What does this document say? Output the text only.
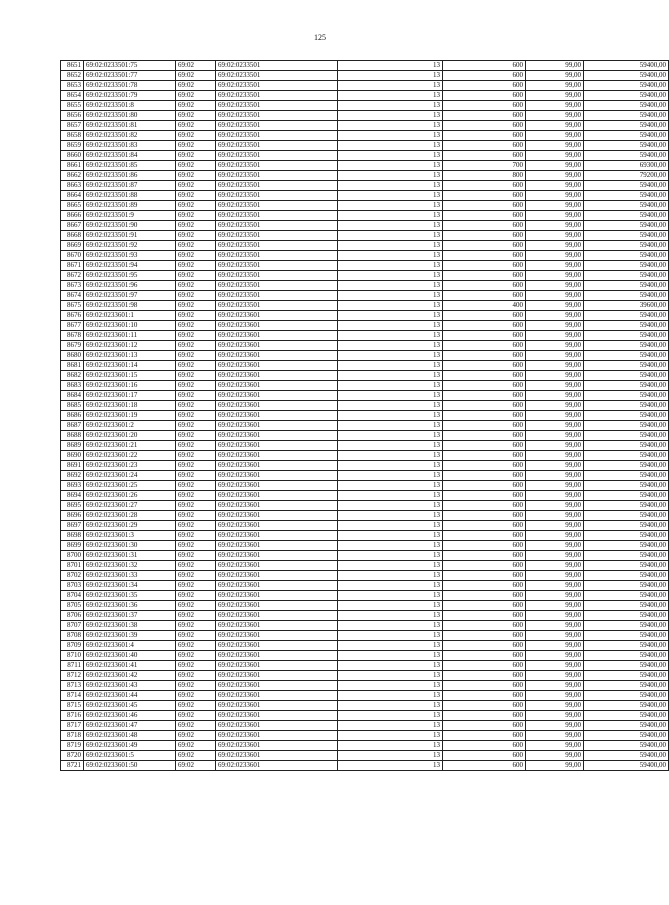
125
8651	69:02:0233501:75	69:02	69:02:0233501	13	600	99,00	59400,00
8652	69:02:0233501:77	69:02	69:02:0233501	13	600	99,00	59400,00
8653	69:02:0233501:78	69:02	69:02:0233501	13	600	99,00	59400,00
8654	69:02:0233501:79	69:02	69:02:0233501	13	600	99,00	59400,00
8655	69:02:0233501:8	69:02	69:02:0233501	13	600	99,00	59400,00
8656	69:02:0233501:80	69:02	69:02:0233501	13	600	99,00	59400,00
8657	69:02:0233501:81	69:02	69:02:0233501	13	600	99,00	59400,00
8658	69:02:0233501:82	69:02	69:02:0233501	13	600	99,00	59400,00
8659	69:02:0233501:83	69:02	69:02:0233501	13	600	99,00	59400,00
8660	69:02:0233501:84	69:02	69:02:0233501	13	600	99,00	59400,00
8661	69:02:0233501:85	69:02	69:02:0233501	13	700	99,00	69300,00
8662	69:02:0233501:86	69:02	69:02:0233501	13	800	99,00	79200,00
8663	69:02:0233501:87	69:02	69:02:0233501	13	600	99,00	59400,00
8664	69:02:0233501:88	69:02	69:02:0233501	13	600	99,00	59400,00
8665	69:02:0233501:89	69:02	69:02:0233501	13	600	99,00	59400,00
8666	69:02:0233501:9	69:02	69:02:0233501	13	600	99,00	59400,00
8667	69:02:0233501:90	69:02	69:02:0233501	13	600	99,00	59400,00
8668	69:02:0233501:91	69:02	69:02:0233501	13	600	99,00	59400,00
8669	69:02:0233501:92	69:02	69:02:0233501	13	600	99,00	59400,00
8670	69:02:0233501:93	69:02	69:02:0233501	13	600	99,00	59400,00
8671	69:02:0233501:94	69:02	69:02:0233501	13	600	99,00	59400,00
8672	69:02:0233501:95	69:02	69:02:0233501	13	600	99,00	59400,00
8673	69:02:0233501:96	69:02	69:02:0233501	13	600	99,00	59400,00
8674	69:02:0233501:97	69:02	69:02:0233501	13	600	99,00	59400,00
8675	69:02:0233501:98	69:02	69:02:0233501	13	400	99,00	39600,00
8676	69:02:0233601:1	69:02	69:02:0233601	13	600	99,00	59400,00
8677	69:02:0233601:10	69:02	69:02:0233601	13	600	99,00	59400,00
8678	69:02:0233601:11	69:02	69:02:0233601	13	600	99,00	59400,00
8679	69:02:0233601:12	69:02	69:02:0233601	13	600	99,00	59400,00
8680	69:02:0233601:13	69:02	69:02:0233601	13	600	99,00	59400,00
8681	69:02:0233601:14	69:02	69:02:0233601	13	600	99,00	59400,00
8682	69:02:0233601:15	69:02	69:02:0233601	13	600	99,00	59400,00
8683	69:02:0233601:16	69:02	69:02:0233601	13	600	99,00	59400,00
8684	69:02:0233601:17	69:02	69:02:0233601	13	600	99,00	59400,00
8685	69:02:0233601:18	69:02	69:02:0233601	13	600	99,00	59400,00
8686	69:02:0233601:19	69:02	69:02:0233601	13	600	99,00	59400,00
8687	69:02:0233601:2	69:02	69:02:0233601	13	600	99,00	59400,00
8688	69:02:0233601:20	69:02	69:02:0233601	13	600	99,00	59400,00
8689	69:02:0233601:21	69:02	69:02:0233601	13	600	99,00	59400,00
8690	69:02:0233601:22	69:02	69:02:0233601	13	600	99,00	59400,00
8691	69:02:0233601:23	69:02	69:02:0233601	13	600	99,00	59400,00
8692	69:02:0233601:24	69:02	69:02:0233601	13	600	99,00	59400,00
8693	69:02:0233601:25	69:02	69:02:0233601	13	600	99,00	59400,00
8694	69:02:0233601:26	69:02	69:02:0233601	13	600	99,00	59400,00
8695	69:02:0233601:27	69:02	69:02:0233601	13	600	99,00	59400,00
8696	69:02:0233601:28	69:02	69:02:0233601	13	600	99,00	59400,00
8697	69:02:0233601:29	69:02	69:02:0233601	13	600	99,00	59400,00
8698	69:02:0233601:3	69:02	69:02:0233601	13	600	99,00	59400,00
8699	69:02:0233601:30	69:02	69:02:0233601	13	600	99,00	59400,00
8700	69:02:0233601:31	69:02	69:02:0233601	13	600	99,00	59400,00
8701	69:02:0233601:32	69:02	69:02:0233601	13	600	99,00	59400,00
8702	69:02:0233601:33	69:02	69:02:0233601	13	600	99,00	59400,00
8703	69:02:0233601:34	69:02	69:02:0233601	13	600	99,00	59400,00
8704	69:02:0233601:35	69:02	69:02:0233601	13	600	99,00	59400,00
8705	69:02:0233601:36	69:02	69:02:0233601	13	600	99,00	59400,00
8706	69:02:0233601:37	69:02	69:02:0233601	13	600	99,00	59400,00
8707	69:02:0233601:38	69:02	69:02:0233601	13	600	99,00	59400,00
8708	69:02:0233601:39	69:02	69:02:0233601	13	600	99,00	59400,00
8709	69:02:0233601:4	69:02	69:02:0233601	13	600	99,00	59400,00
8710	69:02:0233601:40	69:02	69:02:0233601	13	600	99,00	59400,00
8711	69:02:0233601:41	69:02	69:02:0233601	13	600	99,00	59400,00
8712	69:02:0233601:42	69:02	69:02:0233601	13	600	99,00	59400,00
8713	69:02:0233601:43	69:02	69:02:0233601	13	600	99,00	59400,00
8714	69:02:0233601:44	69:02	69:02:0233601	13	600	99,00	59400,00
8715	69:02:0233601:45	69:02	69:02:0233601	13	600	99,00	59400,00
8716	69:02:0233601:46	69:02	69:02:0233601	13	600	99,00	59400,00
8717	69:02:0233601:47	69:02	69:02:0233601	13	600	99,00	59400,00
8718	69:02:0233601:48	69:02	69:02:0233601	13	600	99,00	59400,00
8719	69:02:0233601:49	69:02	69:02:0233601	13	600	99,00	59400,00
8720	69:02:0233601:5	69:02	69:02:0233601	13	600	99,00	59400,00
8721	69:02:0233601:50	69:02	69:02:0233601	13	600	99,00	59400,00
